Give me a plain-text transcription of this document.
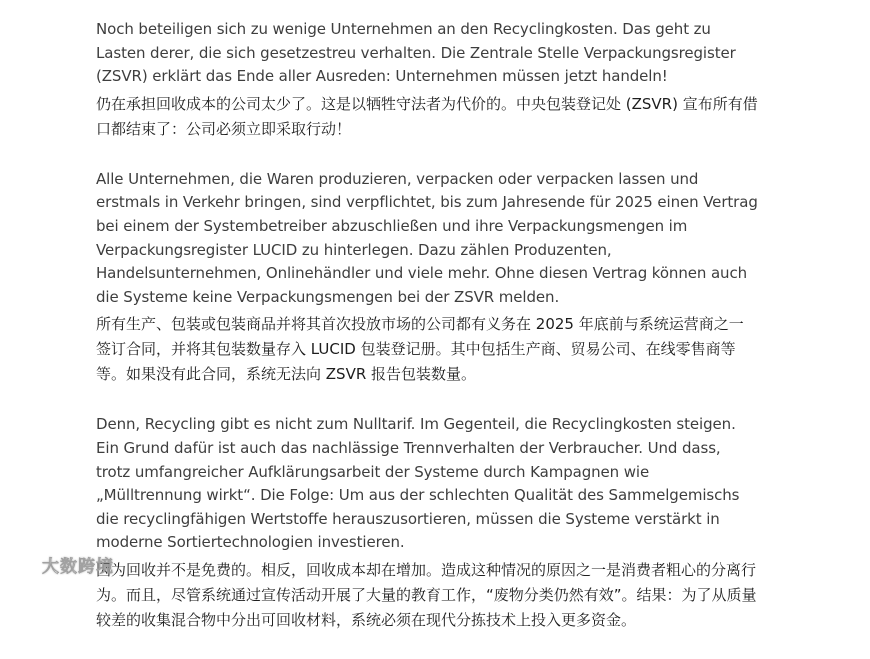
Noch beteiligen sich zu wenige Unternehmen an den Recyclingkosten. Das geht zu Lasten derer, die sich gesetzestreu verhalten. Die Zentrale Stelle Verpackungsregister (ZSVR) erklärt das Ende aller Ausreden: Unternehmen müssen jetzt handeln!

仍在承担回收成本的公司太少了。这是以牺牲守法者为代价的。中央包装登记处 (ZSVR) 宣布所有借口都结束了：公司必须立即采取行动！

Alle Unternehmen, die Waren produzieren, verpacken oder verpacken lassen und erstmals in Verkehr bringen, sind verpflichtet, bis zum Jahresende für 2025 einen Vertrag bei einem der Systembetreiber abzuschließen und ihre Verpackungsmengen im Verpackungsregister LUCID zu hinterlegen. Dazu zählen Produzenten, Handelsunternehmen, Onlinehändler und viele mehr. Ohne diesen Vertrag können auch die Systeme keine Verpackungsmengen bei der ZSVR melden.

所有生产、包装或包装商品并将其首次投放市场的公司都有义务在 2025 年底前与系统运营商之一签订合同，并将其包装数量存入 LUCID 包装登记册。其中包括生产商、贸易公司、在线零售商等等。如果没有此合同，系统无法向 ZSVR 报告包装数量。

Denn, Recycling gibt es nicht zum Nulltarif. Im Gegenteil, die Recyclingkosten steigen. Ein Grund dafür ist auch das nachlässige Trennverhalten der Verbraucher. Und dass, trotz umfangreicher Aufklärungsarbeit der Systeme durch Kampagnen wie „Mülltrennung wirkt“. Die Folge: Um aus der schlechten Qualität des Sammelgemischs die recyclingfähigen Wertstoffe herauszusortieren, müssen die Systeme verstärkt in moderne Sortiertechnologien investieren.

因为回收并不是免费的。相反，回收成本却在增加。造成这种情况的原因之一是消费者粗心的分离行为。而且，尽管系统通过宣传活动开展了大量的教育工作，“废物分类仍然有效”。结果：为了从质量较差的收集混合物中分出可回收材料，系统必须在现代分拣技术上投入更多资金。

大数跨境
